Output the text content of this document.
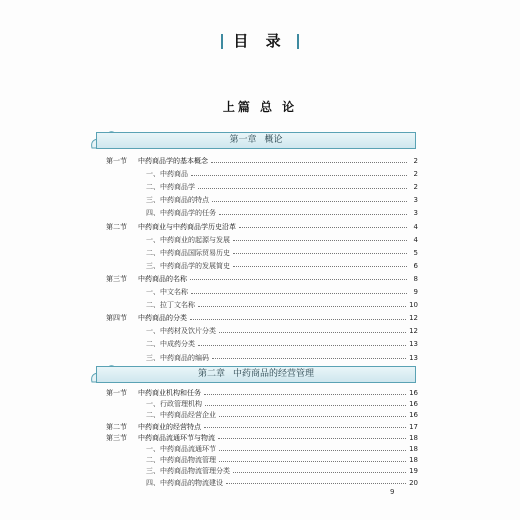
目 录
上篇 总 论
第一章 概论
第一节	中药商品学的基本概念	2
一、中药商品	2
二、中药商品学	2
三、中药商品的特点	3
四、中药商品学的任务	3
第二节	中药商业与中药商品学历史沿革	4
一、中药商业的起源与发展	4
二、中药商品国际贸易历史	5
三、中药商品学的发展简史	6
第三节	中药商品的名称	8
一、中文名称	9
二、拉丁文名称	10
第四节	中药商品的分类	12
一、中药材及饮片分类	12
二、中成药分类	13
三、中药商品的编码	13
第二章 中药商品的经营管理
第一节	中药商业机构和任务	16
一、行政管理机构	16
二、中药商品经营企业	16
第二节	中药商业的经营特点	17
第三节	中药商品流通环节与物流	18
一、中药商品流通环节	18
二、中药商品物流管理	18
三、中药商品物流管理分类	19
四、中药商品的物流建设	20
9
